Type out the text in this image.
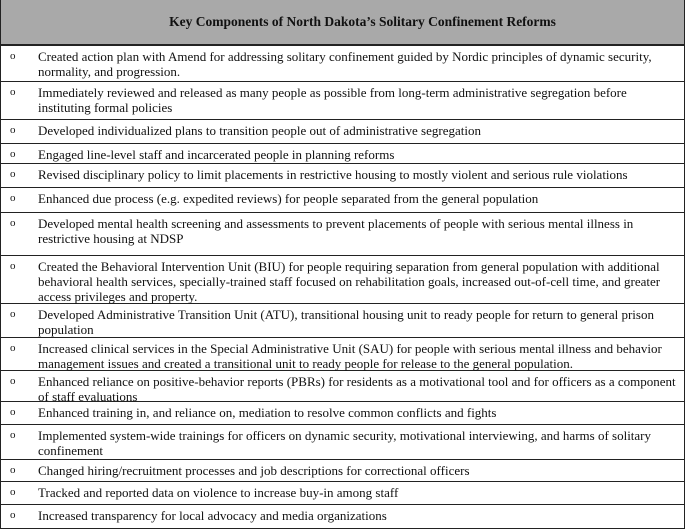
Key Components of North Dakota’s Solitary Confinement Reforms
o Created action plan with Amend for addressing solitary confinement guided by Nordic principles of dynamic security, normality, and progression.
o Immediately reviewed and released as many people as possible from long-term administrative segregation before instituting formal policies
o Developed individualized plans to transition people out of administrative segregation
o Engaged line-level staff and incarcerated people in planning reforms
o Revised disciplinary policy to limit placements in restrictive housing to mostly violent and serious rule violations
o Enhanced due process (e.g. expedited reviews) for people separated from the general population
o Developed mental health screening and assessments to prevent placements of people with serious mental illness in restrictive housing at NDSP
o Created the Behavioral Intervention Unit (BIU) for people requiring separation from general population with additional behavioral health services, specially-trained staff focused on rehabilitation goals, increased out-of-cell time, and greater access privileges and property.
o Developed Administrative Transition Unit (ATU), transitional housing unit to ready people for return to general prison population
o Increased clinical services in the Special Administrative Unit (SAU) for people with serious mental illness and behavior management issues and created a transitional unit to ready people for release to the general population.
o Enhanced reliance on positive-behavior reports (PBRs) for residents as a motivational tool and for officers as a component of staff evaluations
o Enhanced training in, and reliance on, mediation to resolve common conflicts and fights
o Implemented system-wide trainings for officers on dynamic security, motivational interviewing, and harms of solitary confinement
o Changed hiring/recruitment processes and job descriptions for correctional officers
o Tracked and reported data on violence to increase buy-in among staff
o Increased transparency for local advocacy and media organizations
